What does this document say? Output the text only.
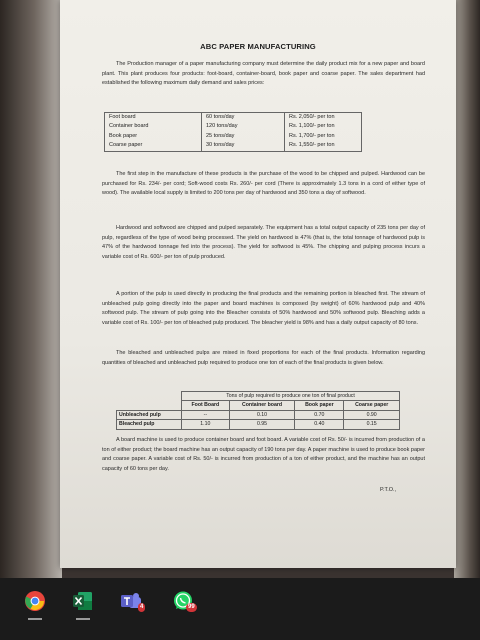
ABC PAPER MANUFACTURING

The Production manager of a paper manufacturing company must determine the daily product mix for a new paper and board plant. This plant produces four products: foot-board, container-board, book paper and coarse paper. The sales department had established the following maximum daily demand and sales prices:

Foot board	60 tons/day	Rs. 2,050/- per ton
Container board	120 tons/day	Rs. 1,100/- per ton
Book paper	25 tons/day	Rs. 1,700/- per ton
Coarse paper	30 tons/day	Rs. 1,550/- per ton

The first step in the manufacture of these products is the purchase of the wood to be chipped and pulped. Hardwood can be purchased for Rs. 234/- per cord; Soft-wood costs Rs. 260/- per cord (There is approximately 1.3 tons in a cord of either type of wood). The available local supply is limited to 200 tons per day of hardwood and 350 tons a day of softwood.

Hardwood and softwood are chipped and pulped separately. The equipment has a total output capacity of 235 tons per day of pulp, regardless of the type of wood being processed. The yield on hardwood is 47% (that is, the total tonnage of hardwood pulp is 47% of the hardwood tonnage fed into the process). The yield for softwood is 45%. The chipping and pulping process incurs a variable cost of Rs. 600/- per ton of pulp produced.

A portion of the pulp is used directly in producing the final products and the remaining portion is bleached first. The stream of unbleached pulp going directly into the paper and board machines is composed (by weight) of 60% hardwood pulp and 40% softwood pulp. The stream of pulp going into the Bleacher consists of 50% hardwood and 50% softwood pulp. Bleaching adds a variable cost of Rs. 100/- per ton of bleached pulp produced. The bleacher yield is 98% and has a daily output capacity of 80 tons.

The bleached and unbleached pulps are mixed in fixed proportions for each of the final products. Information regarding quantities of bleached and unbleached pulp required to produce one ton of each of the final products is given below.

	Tons of pulp required to produce one ton of final product			
	Foot Board	Container board	Book paper	Coarse paper
Unbleached pulp	--	0.10	0.70	0.90
Bleached pulp	1.10	0.95	0.40	0.15

A board machine is used to produce container board and foot board. A variable cost of Rs. 50/- is incurred from production of a ton of either product; the board machine has an output capacity of 190 tons per day. A paper machine is used to produce book paper and coarse paper. A variable cost of Rs. 50/- is incurred from production of a ton of either product, and the machine has an output capacity of 60 tons per day.

P.T.O.,
4	99
